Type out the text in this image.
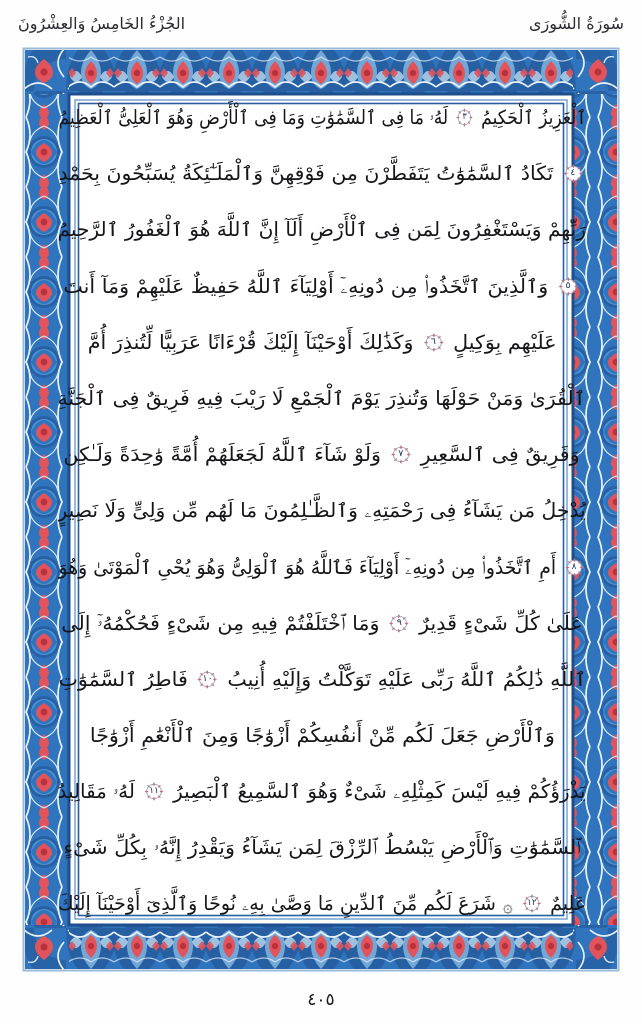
الجُزْءُ الخَامِسُ وَالعِشْرُونَ	سُورَةُ الشُّورَى
ٱلْعَزِيزُ ٱلْحَكِيمُ
٣
لَهُۥ مَا فِى ٱلسَّمَٰوَٰتِ وَمَا فِى ٱلْأَرْضِ وَهُوَ ٱلْعَلِىُّ ٱلْعَظِيمُ
٤
تَكَادُ ٱلسَّمَٰوَٰتُ يَتَفَطَّرْنَ مِن فَوْقِهِنَّ وَٱلْمَلَـٰٓئِكَةُ يُسَبِّحُونَ بِحَمْدِ
رَبِّهِمْ وَيَسْتَغْفِرُونَ لِمَن فِى ٱلْأَرْضِ أَلَآ إِنَّ ٱللَّهَ هُوَ ٱلْغَفُورُ ٱلرَّحِيمُ
٥
وَٱلَّذِينَ ٱتَّخَذُوا۟ مِن دُونِهِۦٓ أَوْلِيَآءَ ٱللَّهُ حَفِيظٌ عَلَيْهِمْ وَمَآ أَنتَ
عَلَيْهِم بِوَكِيلٍ
٦
وَكَذَٰلِكَ أَوْحَيْنَآ إِلَيْكَ قُرْءَانًا عَرَبِيًّا لِّتُنذِرَ أُمَّ
ٱلْقُرَىٰ وَمَنْ حَوْلَهَا وَتُنذِرَ يَوْمَ ٱلْجَمْعِ لَا رَيْبَ فِيهِ فَرِيقٌ فِى ٱلْجَنَّةِ
وَفَرِيقٌ فِى ٱلسَّعِيرِ
٧
وَلَوْ شَآءَ ٱللَّهُ لَجَعَلَهُمْ أُمَّةً وَٰحِدَةً وَلَـٰكِن
يُدْخِلُ مَن يَشَآءُ فِى رَحْمَتِهِۦ وَٱلظَّـٰلِمُونَ مَا لَهُم مِّن وَلِىٍّ وَلَا نَصِيرٍ
٨
أَمِ ٱتَّخَذُوا۟ مِن دُونِهِۦٓ أَوْلِيَآءَ فَٱللَّهُ هُوَ ٱلْوَلِىُّ وَهُوَ يُحْىِ ٱلْمَوْتَىٰ وَهُوَ
عَلَىٰ كُلِّ شَىْءٍ قَدِيرٌ
٩
وَمَا ٱخْتَلَفْتُمْ فِيهِ مِن شَىْءٍ فَحُكْمُهُۥٓ إِلَى
ٱللَّهِ ذَٰلِكُمُ ٱللَّهُ رَبِّى عَلَيْهِ تَوَكَّلْتُ وَإِلَيْهِ أُنِيبُ
١٠
فَاطِرُ ٱلسَّمَٰوَٰتِ
وَٱلْأَرْضِ جَعَلَ لَكُم مِّنْ أَنفُسِكُمْ أَزْوَٰجًا وَمِنَ ٱلْأَنْعَٰمِ أَزْوَٰجًا
يَذْرَؤُكُمْ فِيهِ لَيْسَ كَمِثْلِهِۦ شَىْءٌ وَهُوَ ٱلسَّمِيعُ ٱلْبَصِيرُ
١١
لَهُۥ مَقَالِيدُ
ٱلسَّمَٰوَٰتِ وَٱلْأَرْضِ يَبْسُطُ ٱلرِّزْقَ لِمَن يَشَآءُ وَيَقْدِرُ إِنَّهُۥ بِكُلِّ شَىْءٍ
عَلِيمٌ
١٢
۞ شَرَعَ لَكُم مِّنَ ٱلدِّينِ مَا وَصَّىٰ بِهِۦ نُوحًا وَٱلَّذِىٓ أَوْحَيْنَآ إِلَيْكَ
٤٠٥
